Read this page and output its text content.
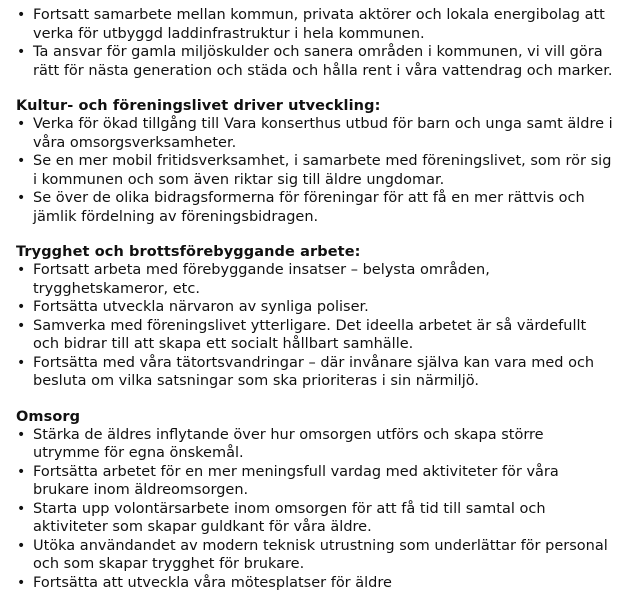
• Fortsatt samarbete mellan kommun, privata aktörer och lokala energibolag att verka för utbyggd laddinfrastruktur i hela kommunen.
• Ta ansvar för gamla miljöskulder och sanera områden i kommunen, vi vill göra rätt för nästa generation och städa och hålla rent i våra vattendrag och marker.
Kultur- och föreningslivet driver utveckling:
• Verka för ökad tillgång till Vara konserthus utbud för barn och unga samt äldre i våra omsorgsverksamheter.
• Se en mer mobil fritidsverksamhet, i samarbete med föreningslivet, som rör sig i kommunen och som även riktar sig till äldre ungdomar.
• Se över de olika bidragsformerna för föreningar för att få en mer rättvis och jämlik fördelning av föreningsbidragen.
Trygghet och brottsförebyggande arbete:
• Fortsatt arbeta med förebyggande insatser – belysta områden, trygghetskameror, etc.
• Fortsätta utveckla närvaron av synliga poliser.
• Samverka med föreningslivet ytterligare. Det ideella arbetet är så värdefullt och bidrar till att skapa ett socialt hållbart samhälle.
• Fortsätta med våra tätortsvandringar – där invånare själva kan vara med och besluta om vilka satsningar som ska prioriteras i sin närmiljö.
Omsorg
• Stärka de äldres inflytande över hur omsorgen utförs och skapa större utrymme för egna önskemål.
• Fortsätta arbetet för en mer meningsfull vardag med aktiviteter för våra brukare inom äldreomsorgen.
• Starta upp volontärsarbete inom omsorgen för att få tid till samtal och aktiviteter som skapar guldkant för våra äldre.
• Utöka användandet av modern teknisk utrustning som underlättar för personal och som skapar trygghet för brukare.
• Fortsätta att utveckla våra mötesplatser för äldre
